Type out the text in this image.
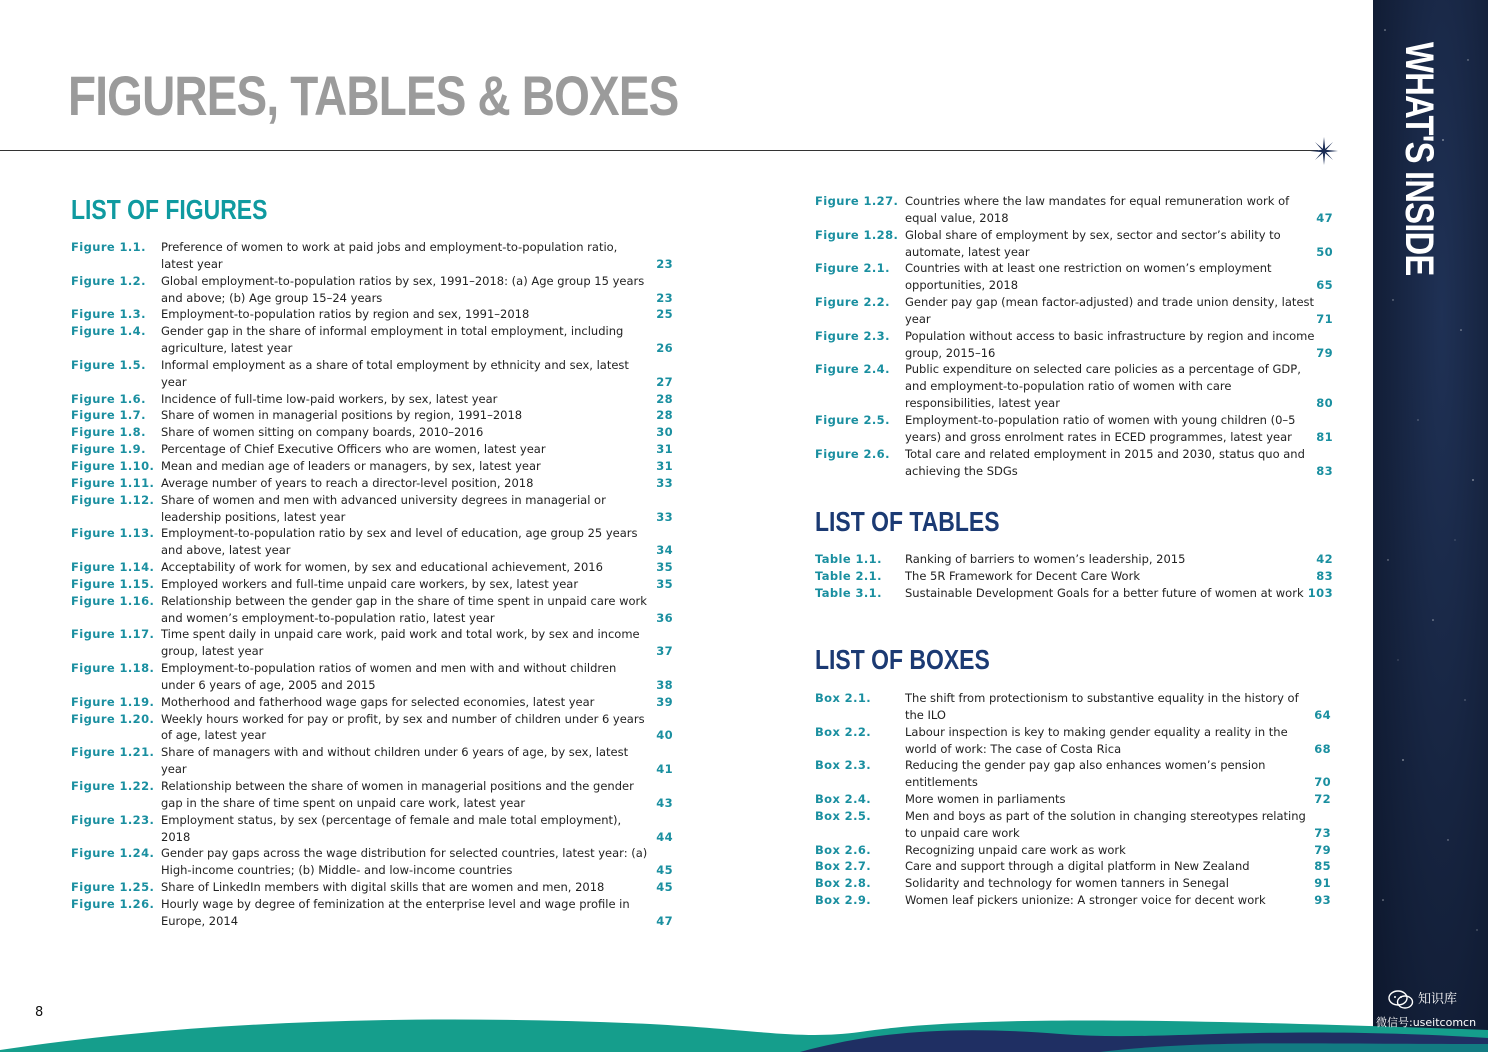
FIGURES, TABLES & BOXES
LIST OF FIGURES
Figure 1.1. Preference of women to work at paid jobs and employment-to-population ratio, latest year	23
Figure 1.2. Global employment-to-population ratios by sex, 1991–2018: (a) Age group 15 years and above; (b) Age group 15–24 years	23
Figure 1.3. Employment-to-population ratios by region and sex, 1991–2018	25
Figure 1.4. Gender gap in the share of informal employment in total employment, including agriculture, latest year	26
Figure 1.5. Informal employment as a share of total employment by ethnicity and sex, latest year	27
Figure 1.6. Incidence of full-time low-paid workers, by sex, latest year	28
Figure 1.7. Share of women in managerial positions by region, 1991–2018	28
Figure 1.8. Share of women sitting on company boards, 2010–2016	30
Figure 1.9. Percentage of Chief Executive Officers who are women, latest year	31
Figure 1.10. Mean and median age of leaders or managers, by sex, latest year	31
Figure 1.11. Average number of years to reach a director-level position, 2018	33
Figure 1.12. Share of women and men with advanced university degrees in managerial or leadership positions, latest year	33
Figure 1.13. Employment-to-population ratio by sex and level of education, age group 25 years and above, latest year	34
Figure 1.14. Acceptability of work for women, by sex and educational achievement, 2016	35
Figure 1.15. Employed workers and full-time unpaid care workers, by sex, latest year	35
Figure 1.16. Relationship between the gender gap in the share of time spent in unpaid care work and women’s employment-to-population ratio, latest year	36
Figure 1.17. Time spent daily in unpaid care work, paid work and total work, by sex and income group, latest year	37
Figure 1.18. Employment-to-population ratios of women and men with and without children under 6 years of age, 2005 and 2015	38
Figure 1.19. Motherhood and fatherhood wage gaps for selected economies, latest year	39
Figure 1.20. Weekly hours worked for pay or profit, by sex and number of children under 6 years of age, latest year	40
Figure 1.21. Share of managers with and without children under 6 years of age, by sex, latest year	41
Figure 1.22. Relationship between the share of women in managerial positions and the gender gap in the share of time spent on unpaid care work, latest year	43
Figure 1.23. Employment status, by sex (percentage of female and male total employment), 2018	44
Figure 1.24. Gender pay gaps across the wage distribution for selected countries, latest year: (a) High-income countries; (b) Middle- and low-income countries	45
Figure 1.25. Share of LinkedIn members with digital skills that are women and men, 2018	45
Figure 1.26. Hourly wage by degree of feminization at the enterprise level and wage profile in Europe, 2014	47
Figure 1.27. Countries where the law mandates for equal remuneration work of equal value, 2018	47
Figure 1.28. Global share of employment by sex, sector and sector’s ability to automate, latest year	50
Figure 2.1. Countries with at least one restriction on women’s employment opportunities, 2018	65
Figure 2.2. Gender pay gap (mean factor-adjusted) and trade union density, latest year	71
Figure 2.3. Population without access to basic infrastructure by region and income group, 2015–16	79
Figure 2.4. Public expenditure on selected care policies as a percentage of GDP, and employment-to-population ratio of women with care responsibilities, latest year	80
Figure 2.5. Employment-to-population ratio of women with young children (0–5 years) and gross enrolment rates in ECED programmes, latest year	81
Figure 2.6. Total care and related employment in 2015 and 2030, status quo and achieving the SDGs	83
LIST OF TABLES
Table 1.1. Ranking of barriers to women’s leadership, 2015	42
Table 2.1. The 5R Framework for Decent Care Work	83
Table 3.1. Sustainable Development Goals for a better future of women at work 103
LIST OF BOXES
Box 2.1.	The shift from protectionism to substantive equality in the history of the ILO	64
Box 2.2.	Labour inspection is key to making gender equality a reality in the world of work: The case of Costa Rica	68
Box 2.3.	Reducing the gender pay gap also enhances women’s pension entitlements	70
Box 2.4.	More women in parliaments	72
Box 2.5.	Men and boys as part of the solution in changing stereotypes relating to unpaid care work	73
Box 2.6.	Recognizing unpaid care work as work	79
Box 2.7.	Care and support through a digital platform in New Zealand	85
Box 2.8.	Solidarity and technology for women tanners in Senegal	91
Box 2.9.	Women leaf pickers unionize: A stronger voice for decent work	93
WHAT'S INSIDE

8

知识库
微信号:useitcomcn
